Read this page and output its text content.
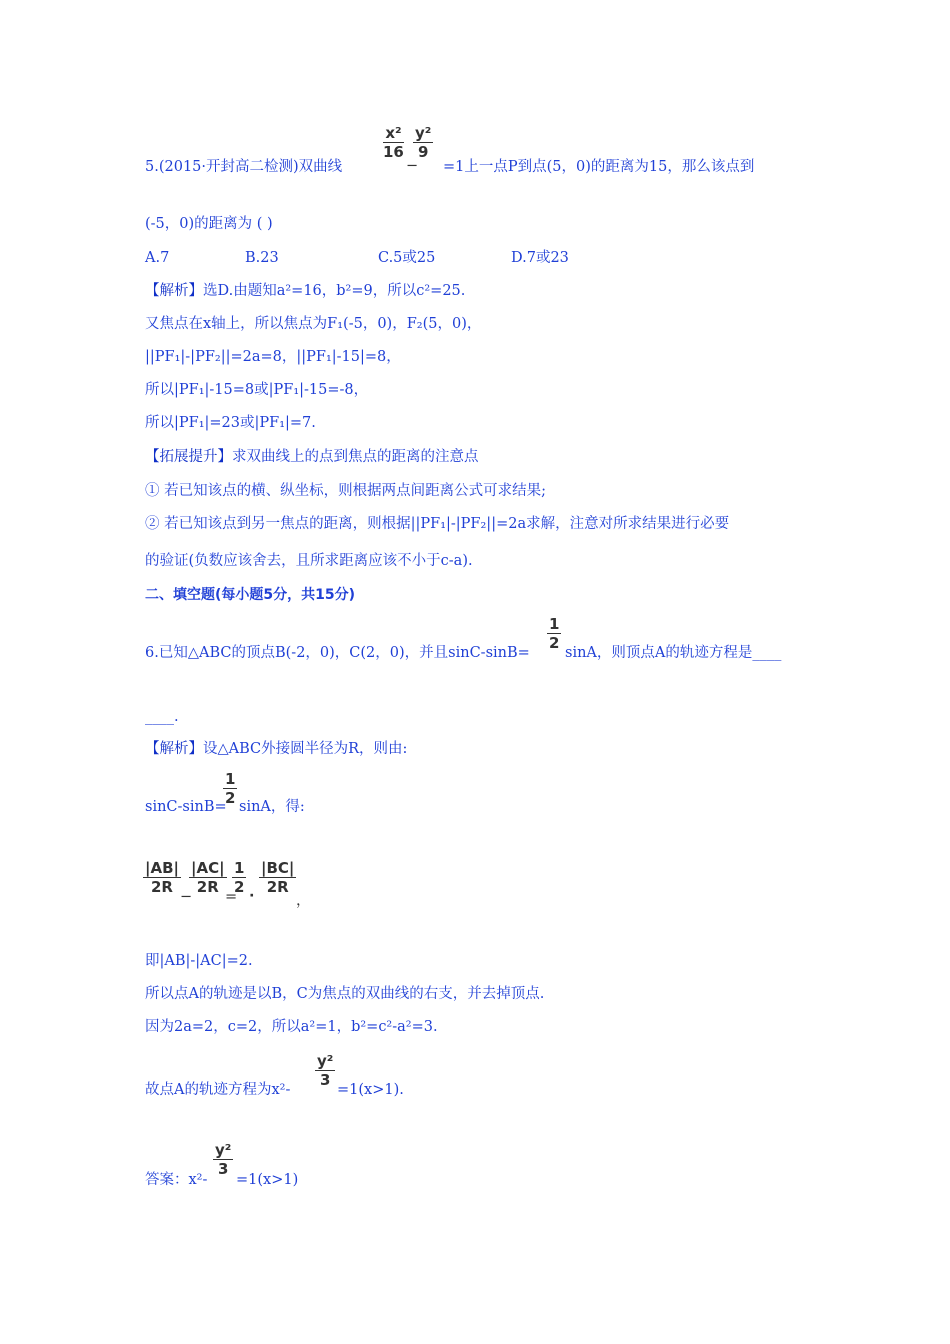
$\frac{\text{x²}}{16}$
−
$\frac{\text{y²}}{9}$
5.(2015·开封高二检测)双曲线	=1上一点P到点(5，0)的距离为15，那么该点到
(-5，0)的距离为 ( )
A.7	B.23	C.5或25	D.7或23
【解析】选D.由题知a²=16，b²=9，所以c²=25.
又焦点在x轴上，所以焦点为F₁(-5，0)，F₂(5，0)，
||PF₁|-|PF₂||=2a=8，||PF₁|-15|=8，
所以|PF₁|-15=8或|PF₁|-15=-8，
所以|PF₁|=23或|PF₁|=7.
【拓展提升】求双曲线上的点到焦点的距离的注意点
① 若已知该点的横、纵坐标，则根据两点间距离公式可求结果;
② 若已知该点到另一焦点的距离，则根据||PF₁|-|PF₂||=2a求解，注意对所求结果进行必要
的验证(负数应该舍去，且所求距离应该不小于c-a).
二、填空题(每小题5分，共15分)
$\frac{1}{2}$
6.已知△ABC的顶点B(-2，0)，C(2，0)，并且sinC-sinB= sinA，则顶点A的轨迹方程是____
____.
【解析】设△ABC外接圆半径为R，则由:
$\frac{1}{2}$
sinC-sinB= sinA，得:
$\frac{|AB|}{2R}$
−
$\frac{|AC|}{2R}$
=
$\frac{1}{2} \cdot \frac{|BC|}{2R}$
，
即|AB|-|AC|=2.
所以点A的轨迹是以B，C为焦点的双曲线的右支，并去掉顶点.
因为2a=2，c=2，所以a²=1，b²=c²-a²=3.
$\frac{\text{y²}}{3}$
故点A的轨迹方程为x²-	=1(x>1).
$\frac{\text{y²}}{3}$
答案：x²- =1(x>1)
